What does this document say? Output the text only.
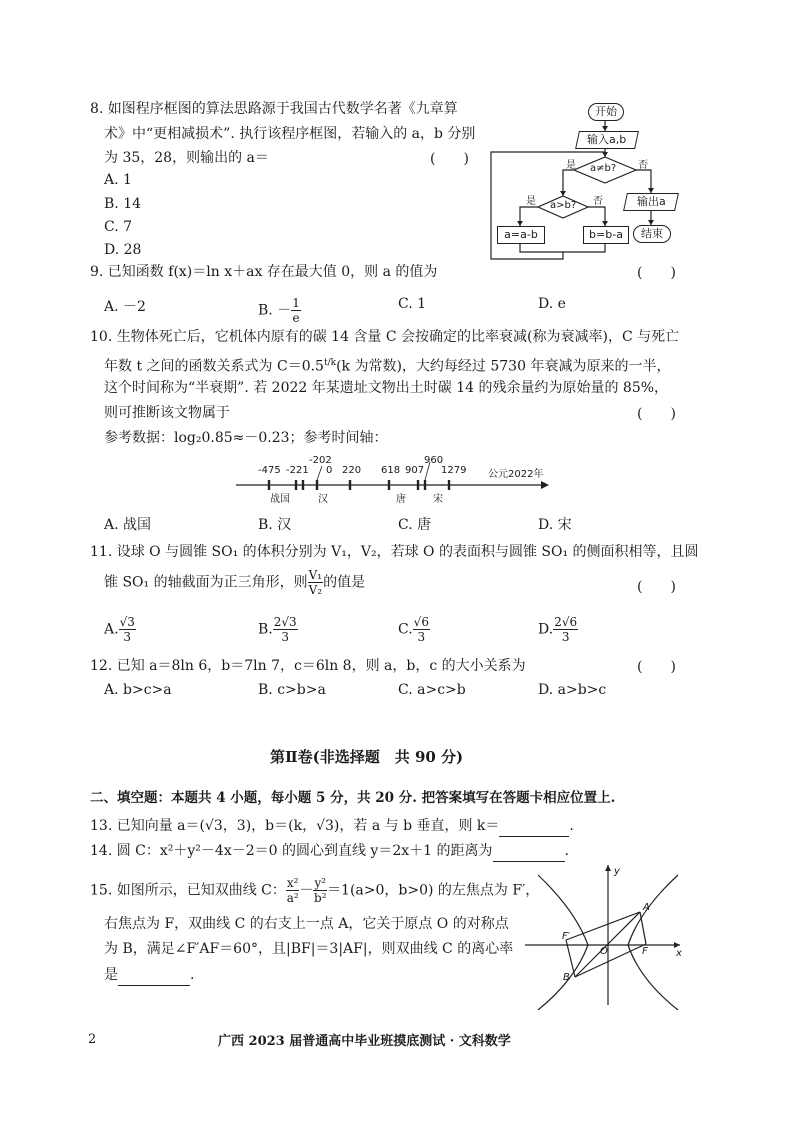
8. 如图程序框图的算法思路源于我国古代数学名著《九章算
术》中“更相减损术”. 执行该程序框图，若输入的 a，b 分别
为 35，28，则输出的 a＝	(　　)
A. 1
B. 14
C. 7
D. 28
开始
输入a,b
a≠b?
a>b?
a=a-b	b=b-a
输出a
结束
是	否
是	否
9. 已知函数 f(x)＝ln x＋ax 存在最大值 0，则 a 的值为	(　　)
A. －2	B. － $\frac{1}{e}$	C. 1	D. e
10. 生物体死亡后，它机体内原有的碳 14 含量 C 会按确定的比率衰减(称为衰减率)，C 与死亡
年数 t 之间的函数关系式为 $C=0.5^{t/k}(k$ 为常数)，大约每经过 5730 年衰减为原来的一半，
这个时间称为“半衰期”. 若 2022 年某遗址文物出土时碳 14 的残余量约为原始量的 85%，
则可推断该文物属于	(　　)
参考数据：log₂0.85≈－0.23；参考时间轴：
-475 -221
-202
0 220 618 907
960
1279 公元2022年
战国	汉	唐	宋
A. 战国	B. 汉	C. 唐	D. 宋
11. 设球 O 与圆锥 SO₁ 的体积分别为 V₁，V₂，若球 O 的表面积与圆锥 SO₁ 的侧面积相等，且圆
锥 SO₁ 的轴截面为正三角形，则 $\frac{\text{V₁}}{\text{V₂}}$ 的值是	(　　)
A. $\frac{√3}{3}$	B. $\frac{2√3}{3}$	C. $\frac{√6}{3}$	D. $\frac{2√6}{3}$
12. 已知 a＝8ln 6，b＝7ln 7，c＝6ln 8，则 a，b，c 的大小关系为	(　　)
A. b>c>a	B. c>b>a	C. a>c>b	D. a>b>c
第Ⅱ卷(非选择题　共 90 分)
二、填空题：本题共 4 小题，每小题 5 分，共 20 分. 把答案填写在答题卡相应位置上.
13. 已知向量 a＝(√3，3)，b＝(k，√3)，若 a 与 b 垂直，则 k＝	.
14. 圆 C：x²＋y²－4x－2＝0 的圆心到直线 y＝2x＋1 的距离为	.
15. 如图所示，已知双曲线 C： $\frac{\text{x²}}{\text{a²}} - \frac{\text{y²}}{\text{b²}} =1(a>0$，b>0) 的左焦点为 F′，
右焦点为 F，双曲线 C 的右支上一点 A，它关于原点 O 的对称点
为 B，满足∠F′AF＝60°，且|BF|＝3|AF|，则双曲线 C 的离心率
是	.
y
x
A
B
F
F′
O
2	广西 2023 届普通高中毕业班摸底测试 · 文科数学
